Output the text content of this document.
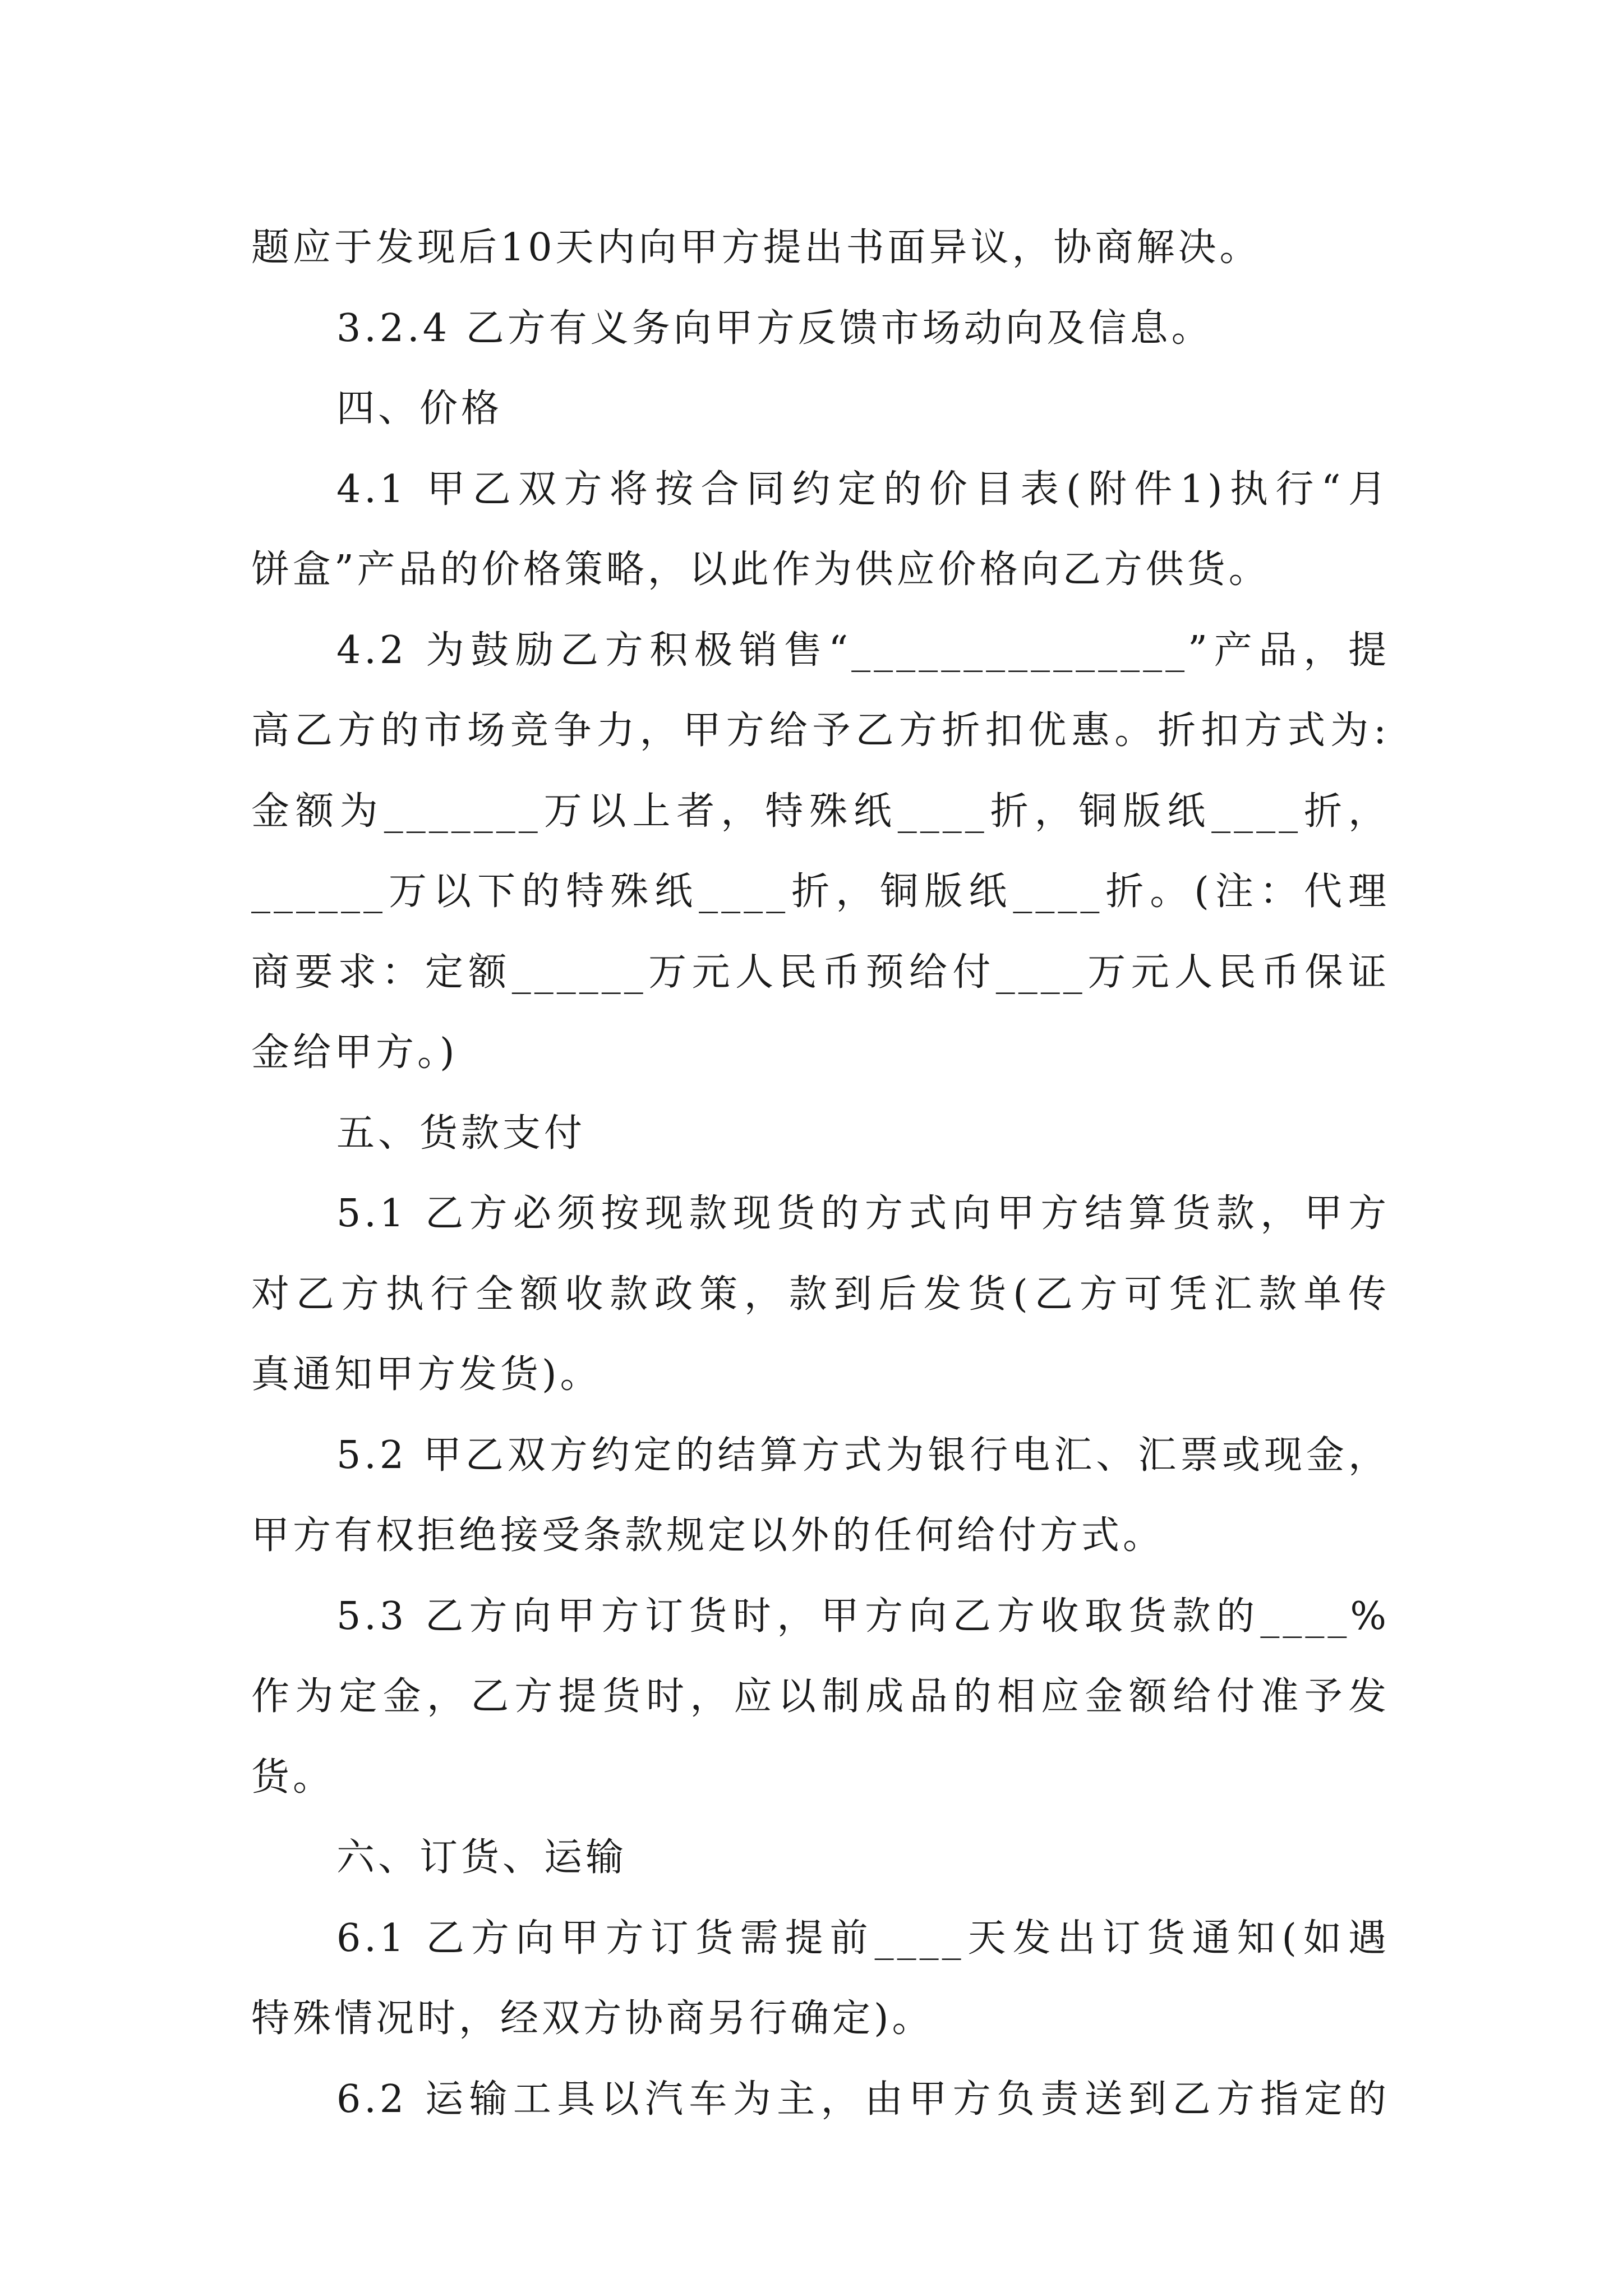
题应于发现后10天内向甲方提出书面异议，协商解决。
3.2.4 乙方有义务向甲方反馈市场动向及信息。
四、价格
4.1 甲乙双方将按合同约定的价目表(附件1)执行“月
饼盒”产品的价格策略，以此作为供应价格向乙方供货。
4.2 为鼓励乙方积极销售“_______________”产品，提
高乙方的市场竞争力，甲方给予乙方折扣优惠。折扣方式为:
金额为_______万以上者，特殊纸____折，铜版纸____折，
______万以下的特殊纸____折，铜版纸____折。(注：代理
商要求：定额______万元人民币预给付____万元人民币保证
金给甲方。)
五、货款支付
5.1 乙方必须按现款现货的方式向甲方结算货款，甲方
对乙方执行全额收款政策，款到后发货(乙方可凭汇款单传
真通知甲方发货)。
5.2 甲乙双方约定的结算方式为银行电汇、汇票或现金，
甲方有权拒绝接受条款规定以外的任何给付方式。
5.3 乙方向甲方订货时，甲方向乙方收取货款的____%
作为定金，乙方提货时，应以制成品的相应金额给付准予发
货。
六、订货、运输
6.1 乙方向甲方订货需提前____天发出订货通知(如遇
特殊情况时，经双方协商另行确定)。
6.2 运输工具以汽车为主，由甲方负责送到乙方指定的
